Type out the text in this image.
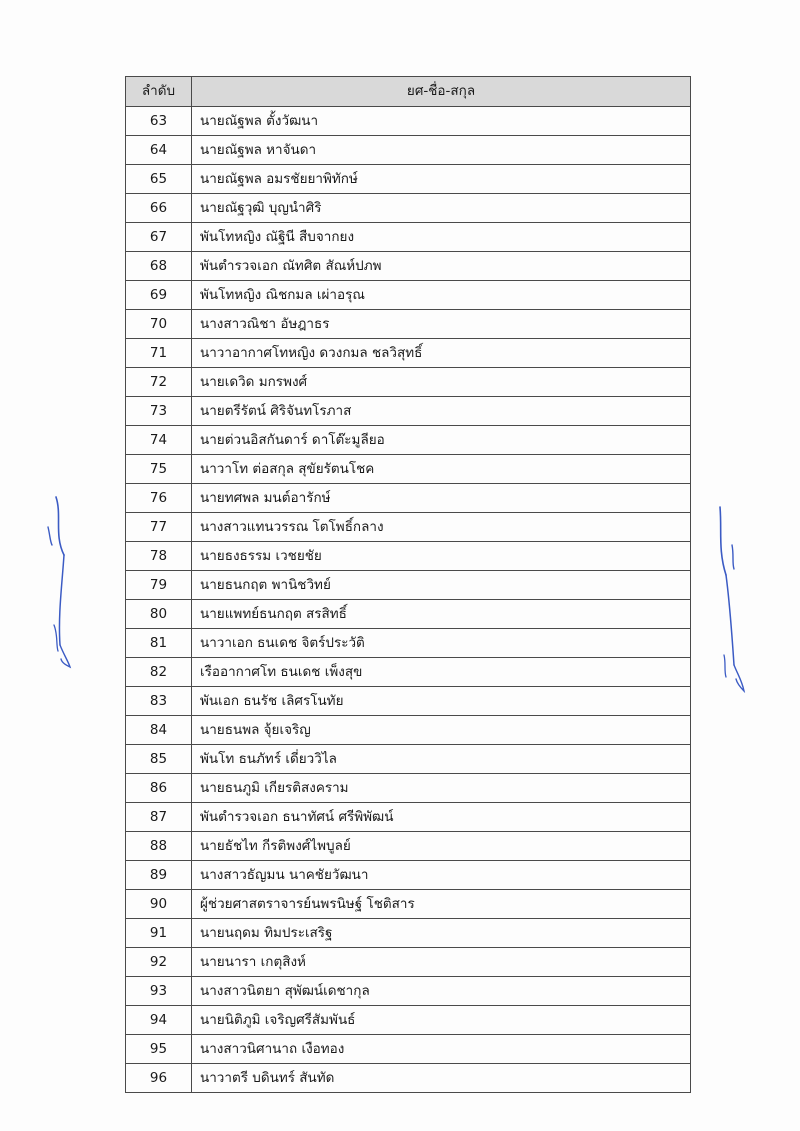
ลำดับ	ยศ-ชื่อ-สกุล
63	นายณัฐพล ตั้งวัฒนา
64	นายณัฐพล หาจันดา
65	นายณัฐพล อมรชัยยาพิทักษ์
66	นายณัฐวุฒิ บุญนำศิริ
67	พันโทหญิง ณัฐินี สืบจากยง
68	พันตำรวจเอก ณัทศิต สัณห์ปภพ
69	พันโทหญิง ณิชกมล เผ่าอรุณ
70	นางสาวณิชา อัษฎาธร
71	นาวาอากาศโทหญิง ดวงกมล ชลวิสุทธิ์
72	นายเดวิด มกรพงศ์
73	นายตรีรัตน์ ศิริจันทโรภาส
74	นายต่วนอิสกันดาร์ ดาโต๊ะมูลียอ
75	นาวาโท ต่อสกุล สุขัยรัตนโชค
76	นายทศพล มนต์อารักษ์
77	นางสาวแทนวรรณ โตโพธิ์กลาง
78	นายธงธรรม เวชยชัย
79	นายธนกฤต พานิชวิทย์
80	นายแพทย์ธนกฤต สรสิทธิ์
81	นาวาเอก ธนเดช จิตร์ประวัติ
82	เรืออากาศโท ธนเดช เพ็งสุข
83	พันเอก ธนรัช เลิศรโนทัย
84	นายธนพล จุ้ยเจริญ
85	พันโท ธนภัทร์ เดี่ยววิไล
86	นายธนภูมิ เกียรติสงคราม
87	พันตำรวจเอก ธนาทัศน์ ศรีพิพัฒน์
88	นายธัชไท กีรติพงศ์ไพบูลย์
89	นางสาวธัญมน นาคชัยวัฒนา
90	ผู้ช่วยศาสตราจารย์นพรนิษฐ์ โชติสาร
91	นายนฤดม ทิมประเสริฐ
92	นายนารา เกตุสิงห์
93	นางสาวนิตยา สุพัฒน์เดชากุล
94	นายนิติภูมิ เจริญศรีสัมพันธ์
95	นางสาวนิศานาถ เงือทอง
96	นาวาตรี บดินทร์ สันทัด
